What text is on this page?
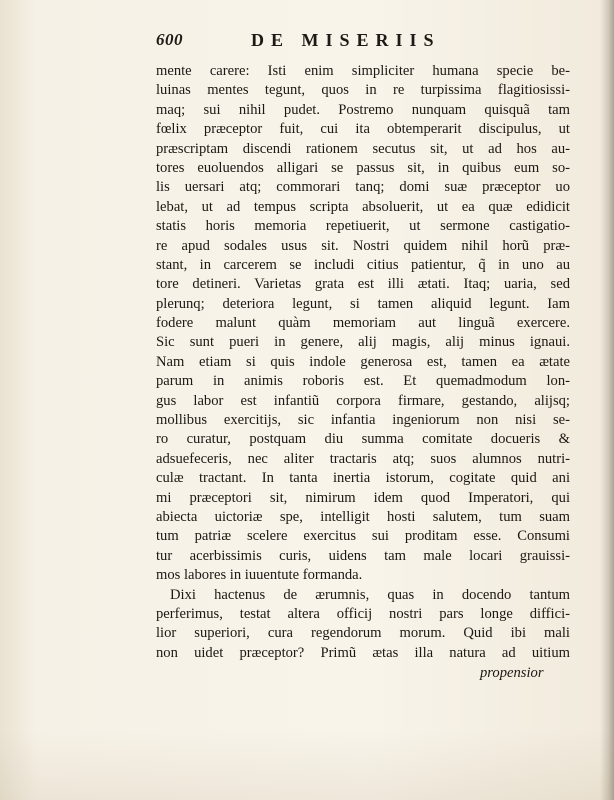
600	DE MISERIIS
mente carere: Isti enim simpliciter humana specie be-
luinas mentes tegunt, quos in re turpissima flagitiosissi-
maq; sui nihil pudet. Postremo nunquam quisquã tam
fœlix præceptor fuit, cui ita obtemperarit discipulus, ut
præscriptam discendi rationem secutus sit, ut ad hos au-
tores euoluendos alligari se passus sit, in quibus eum so-
lis uersari atq; commorari tanq; domi suæ præceptor uo
lebat, ut ad tempus scripta absoluerit, ut ea quæ edidicit
statis horis memoria repetiuerit, ut sermone castigatio-
re apud sodales usus sit. Nostri quidem nihil horũ præ-
stant, in carcerem se includi citius patientur, q̃ in uno au
tore detineri. Varietas grata est illi ætati. Itaq; uaria, sed
plerunq; deteriora legunt, si tamen aliquid legunt. Iam
fodere malunt quàm memoriam aut linguã exercere.
Sic sunt pueri in genere, alij magis, alij minus ignaui.
Nam etiam si quis indole generosa est, tamen ea ætate
parum in animis roboris est. Et quemadmodum lon-
gus labor est infantiũ corpora firmare, gestando, alijsq;
mollibus exercitijs, sic infantia ingeniorum non nisi se-
ro curatur, postquam diu summa comitate docueris &
adsuefeceris, nec aliter tractaris atq; suos alumnos nutri-
culæ tractant. In tanta inertia istorum, cogitate quid ani
mi præceptori sit, nimirum idem quod Imperatori, qui
abiecta uictoriæ spe, intelligit hosti salutem, tum suam
tum patriæ scelere exercitus sui proditam esse. Consumi
tur acerbissimis curis, uidens tam male locari grauissi-
mos labores in iuuentute formanda.
Dixi hactenus de ærumnis, quas in docendo tantum
perferimus, testat altera officij nostri pars longe diffici-
lior superiori, cura regendorum morum. Quid ibi mali
non uidet præceptor? Primũ ætas illa natura ad uitium
propensior
